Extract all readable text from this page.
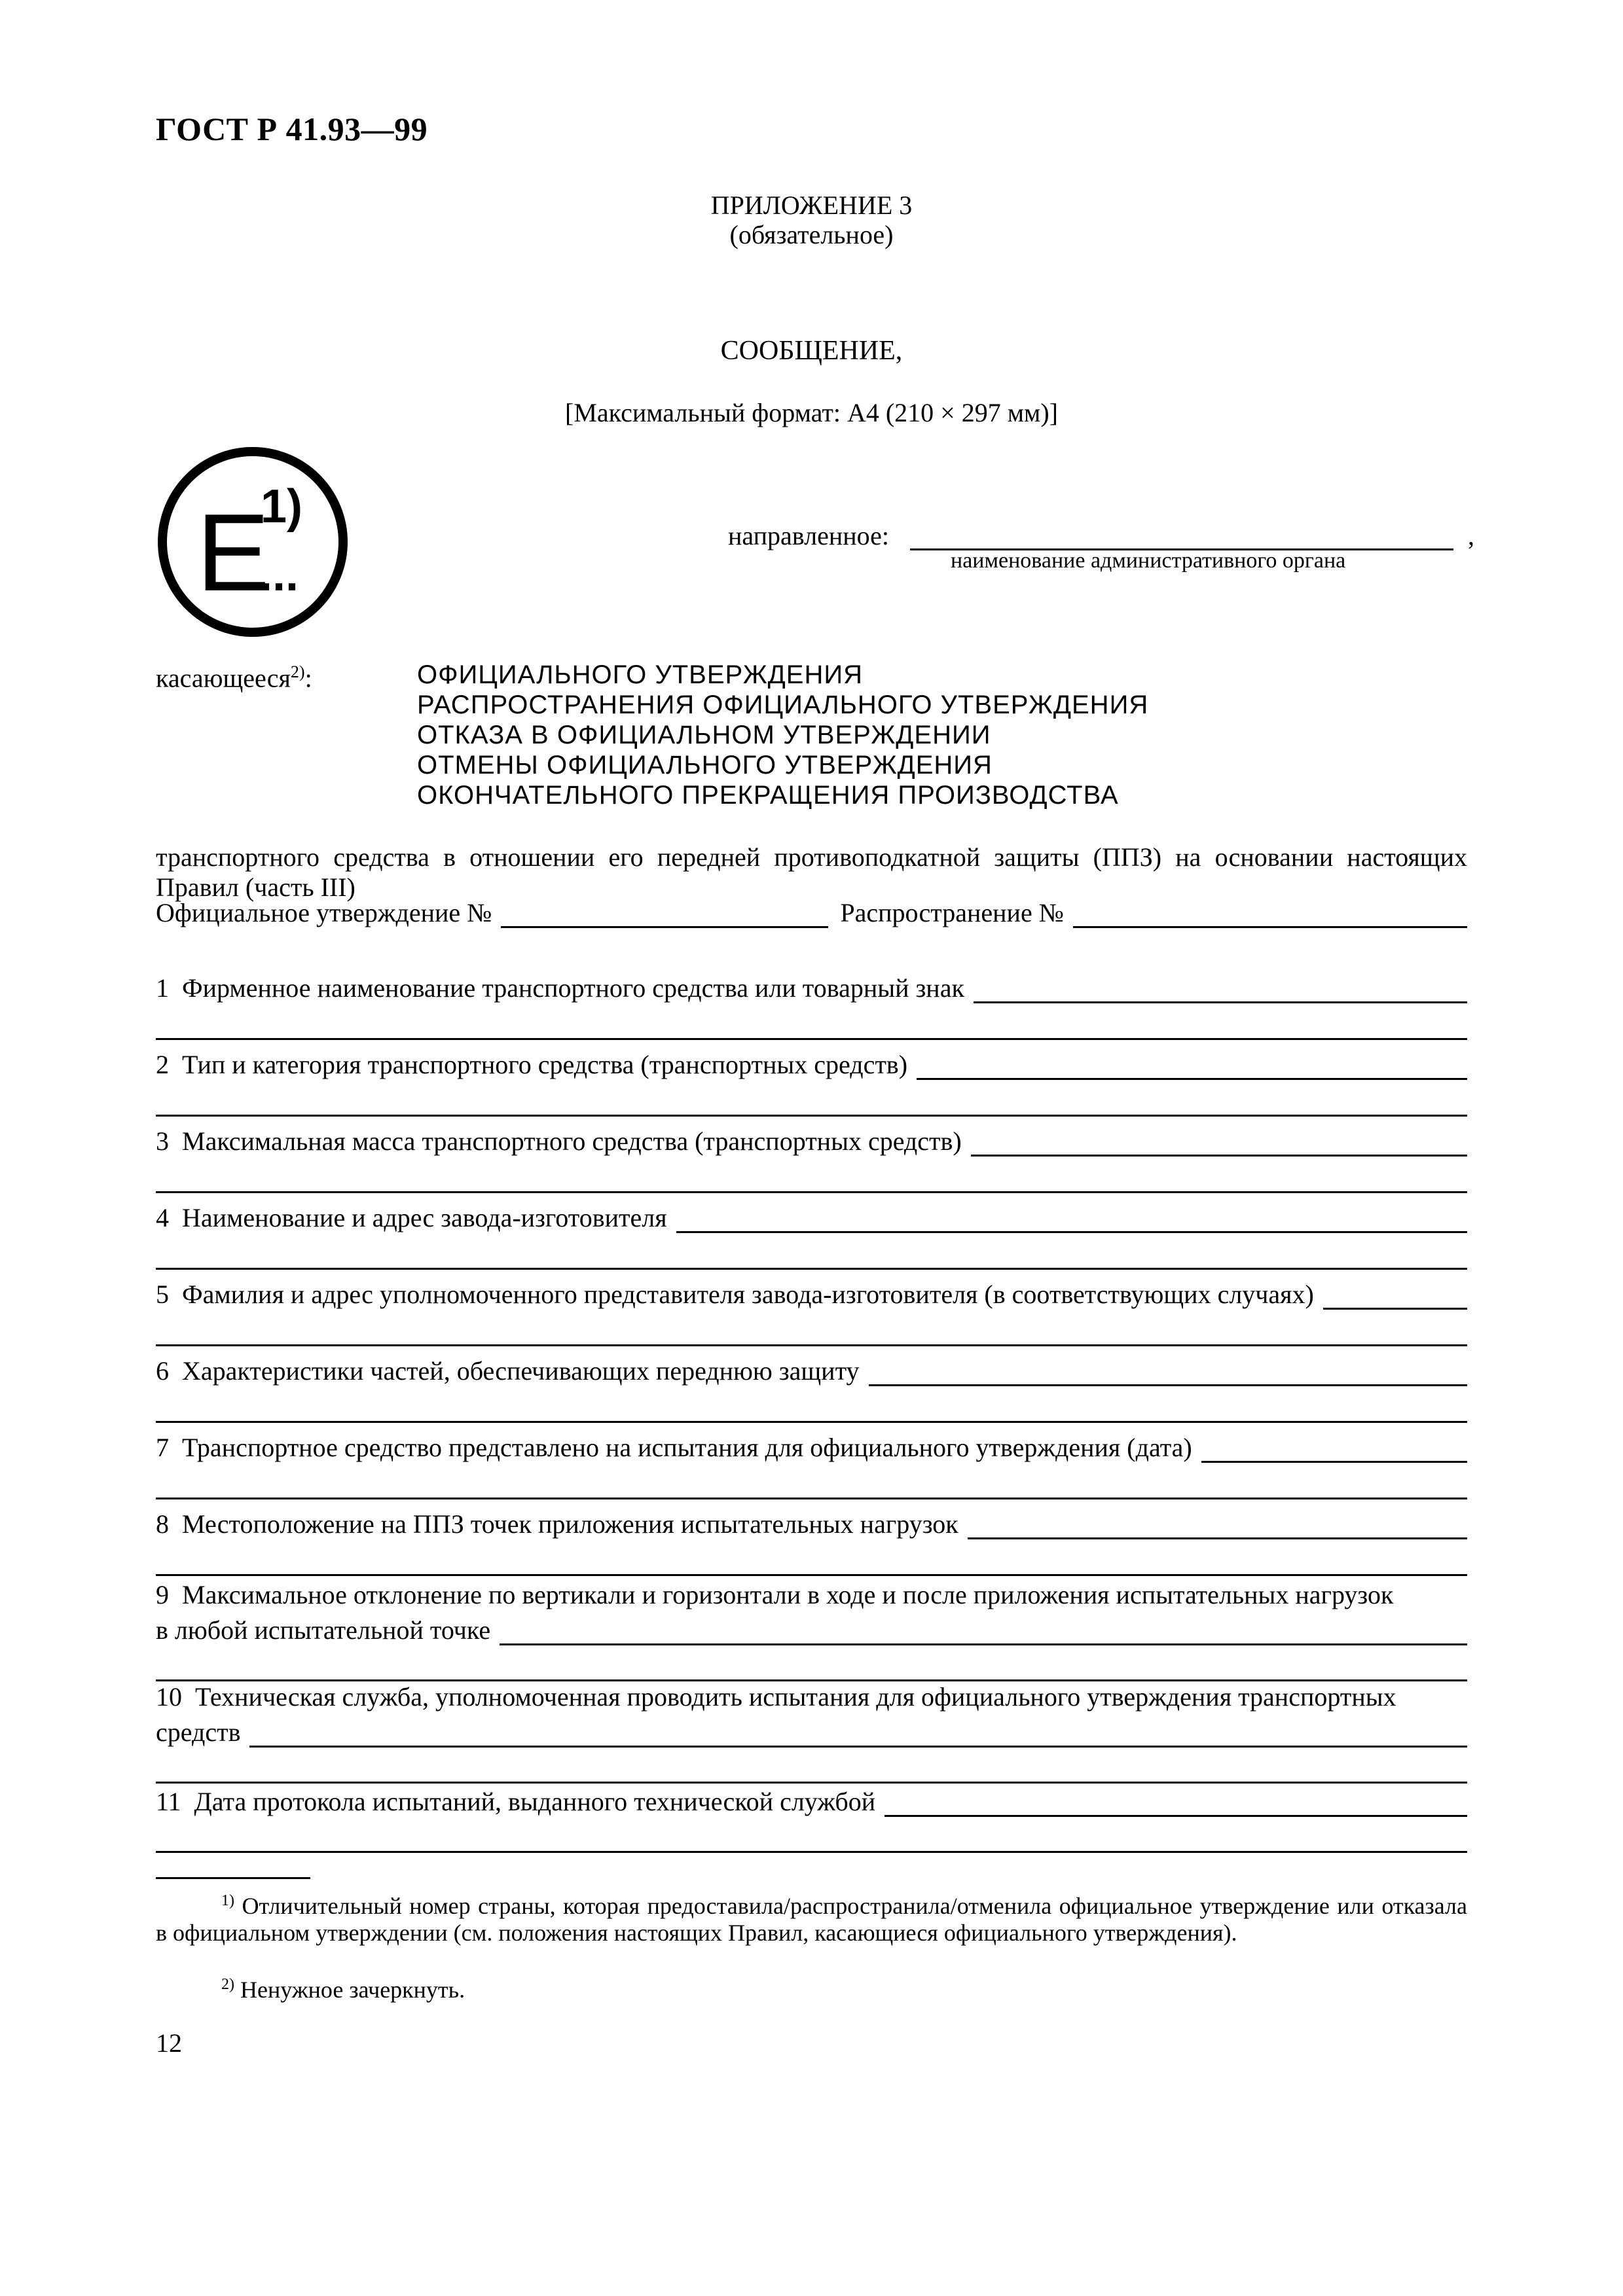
ГОСТ Р 41.93—99
ПРИЛОЖЕНИЕ 3
(обязательное)
СООБЩЕНИЕ,
[Максимальный формат: A4 (210 × 297 мм)]
E
1)
...
направленное:	,
наименование административного органа
касающееся$^{2)}$:	ОФИЦИАЛЬНОГО УТВЕРЖДЕНИЯ
РАСПРОСТРАНЕНИЯ ОФИЦИАЛЬНОГО УТВЕРЖДЕНИЯ
ОТКАЗА В ОФИЦИАЛЬНОМ УТВЕРЖДЕНИИ
ОТМЕНЫ ОФИЦИАЛЬНОГО УТВЕРЖДЕНИЯ
ОКОНЧАТЕЛЬНОГО ПРЕКРАЩЕНИЯ ПРОИЗВОДСТВА
транспортного средства в отношении его передней противоподкатной защиты (ППЗ) на основании настоящих Правил (часть III)
Официальное утверждение №	Распространение №
1 Фирменное наименование транспортного средства или товарный знак
2 Тип и категория транспортного средства (транспортных средств)
3 Максимальная масса транспортного средства (транспортных средств)
4 Наименование и адрес завода-изготовителя
5 Фамилия и адрес уполномоченного представителя завода-изготовителя (в соответствующих случаях)
6 Характеристики частей, обеспечивающих переднюю защиту
7 Транспортное средство представлено на испытания для официального утверждения (дата)
8 Местоположение на ППЗ точек приложения испытательных нагрузок
9 Максимальное отклонение по вертикали и горизонтали в ходе и после приложения испытательных нагрузок
в любой испытательной точке
10 Техническая служба, уполномоченная проводить испытания для официального утверждения транспортных
средств
11 Дата протокола испытаний, выданного технической службой
$^{1)}$ Отличительный номер страны, которая предоставила/распространила/отменила официальное утверждение или отказала в официальном утверждении (см. положения настоящих Правил, касающиеся официального утверждения).
$^{2)}$ Ненужное зачеркнуть.
12
